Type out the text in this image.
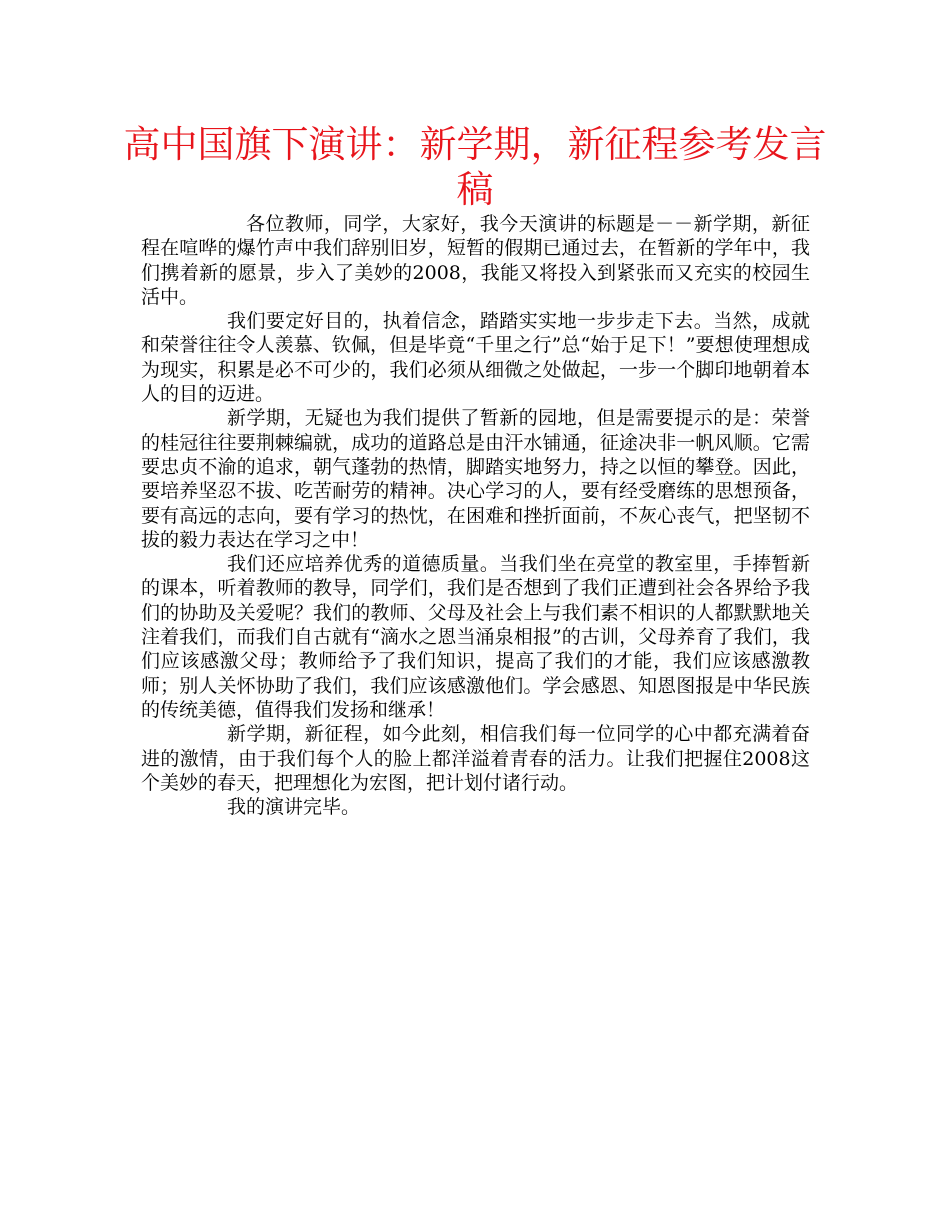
高中国旗下演讲：新学期，新征程参考发言稿

各位教师，同学，大家好，我今天演讲的标题是－－新学期，新征程在喧哗的爆竹声中我们辞别旧岁，短暂的假期已通过去，在暂新的学年中，我们携着新的愿景，步入了美妙的2008，我能又将投入到紧张而又充实的校园生活中。

我们要定好目的，执着信念，踏踏实实地一步步走下去。当然，成就和荣誉往往令人羡慕、钦佩，但是毕竟“千里之行”总“始于足下！”要想使理想成为现实，积累是必不可少的，我们必须从细微之处做起，一步一个脚印地朝着本人的目的迈进。

新学期，无疑也为我们提供了暂新的园地，但是需要提示的是：荣誉的桂冠往往要荆棘编就，成功的道路总是由汗水铺通，征途决非一帆风顺。它需要忠贞不渝的追求，朝气蓬勃的热情，脚踏实地努力，持之以恒的攀登。因此，要培养坚忍不拔、吃苦耐劳的精神。决心学习的人，要有经受磨练的思想预备，要有高远的志向，要有学习的热忱，在困难和挫折面前，不灰心丧气，把坚韧不拔的毅力表达在学习之中！

我们还应培养优秀的道德质量。当我们坐在亮堂的教室里，手捧暂新的课本，听着教师的教导，同学们，我们是否想到了我们正遭到社会各界给予我们的协助及关爱呢？我们的教师、父母及社会上与我们素不相识的人都默默地关注着我们，而我们自古就有“滴水之恩当涌泉相报”的古训，父母养育了我们，我们应该感激父母；教师给予了我们知识，提高了我们的才能，我们应该感激教师；别人关怀协助了我们，我们应该感激他们。学会感恩、知恩图报是中华民族的传统美德，值得我们发扬和继承！

新学期，新征程，如今此刻，相信我们每一位同学的心中都充满着奋进的激情，由于我们每个人的脸上都洋溢着青春的活力。让我们把握住2008这个美妙的春天，把理想化为宏图，把计划付诸行动。

我的演讲完毕。
